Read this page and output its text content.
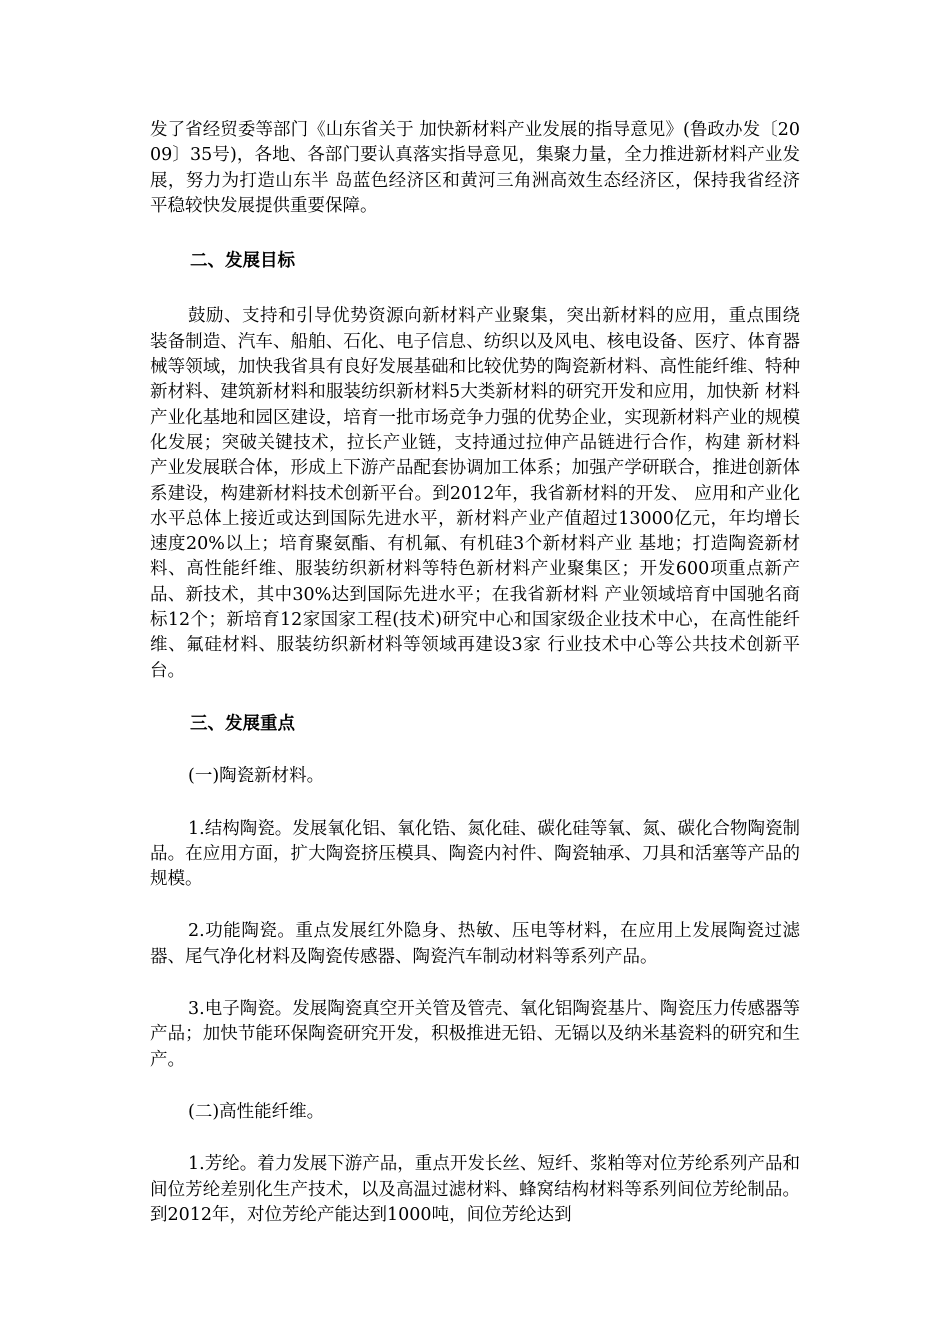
发了省经贸委等部门《山东省关于 加快新材料产业发展的指导意见》(鲁政办发〔2009〕35号)，各地、各部门要认真落实指导意见，集聚力量，全力推进新材料产业发展，努力为打造山东半 岛蓝色经济区和黄河三角洲高效生态经济区，保持我省经济平稳较快发展提供重要保障。

二、发展目标

鼓励、支持和引导优势资源向新材料产业聚集，突出新材料的应用，重点围绕装备制造、汽车、船舶、石化、电子信息、纺织以及风电、核电设备、医疗、体育器 械等领域，加快我省具有良好发展基础和比较优势的陶瓷新材料、高性能纤维、特种新材料、建筑新材料和服装纺织新材料5大类新材料的研究开发和应用，加快新 材料产业化基地和园区建设，培育一批市场竞争力强的优势企业，实现新材料产业的规模化发展；突破关键技术，拉长产业链，支持通过拉伸产品链进行合作，构建 新材料产业发展联合体，形成上下游产品配套协调加工体系；加强产学研联合，推进创新体系建设，构建新材料技术创新平台。到2012年，我省新材料的开发、 应用和产业化水平总体上接近或达到国际先进水平，新材料产业产值超过13000亿元，年均增长速度20%以上；培育聚氨酯、有机氟、有机硅3个新材料产业 基地；打造陶瓷新材料、高性能纤维、服装纺织新材料等特色新材料产业聚集区；开发600项重点新产品、新技术，其中30%达到国际先进水平；在我省新材料 产业领域培育中国驰名商标12个；新培育12家国家工程(技术)研究中心和国家级企业技术中心，在高性能纤维、氟硅材料、服装纺织新材料等领域再建设3家 行业技术中心等公共技术创新平台。

三、发展重点

(一)陶瓷新材料。

1.结构陶瓷。发展氧化铝、氧化锆、氮化硅、碳化硅等氧、氮、碳化合物陶瓷制品。在应用方面，扩大陶瓷挤压模具、陶瓷内衬件、陶瓷轴承、刀具和活塞等产品的规模。

2.功能陶瓷。重点发展红外隐身、热敏、压电等材料，在应用上发展陶瓷过滤器、尾气净化材料及陶瓷传感器、陶瓷汽车制动材料等系列产品。

3.电子陶瓷。发展陶瓷真空开关管及管壳、氧化铝陶瓷基片、陶瓷压力传感器等产品；加快节能环保陶瓷研究开发，积极推进无铅、无镉以及纳米基瓷料的研究和生产。

(二)高性能纤维。

1.芳纶。着力发展下游产品，重点开发长丝、短纤、浆粕等对位芳纶系列产品和间位芳纶差别化生产技术，以及高温过滤材料、蜂窝结构材料等系列间位芳纶制品。到2012年，对位芳纶产能达到1000吨，间位芳纶达到
